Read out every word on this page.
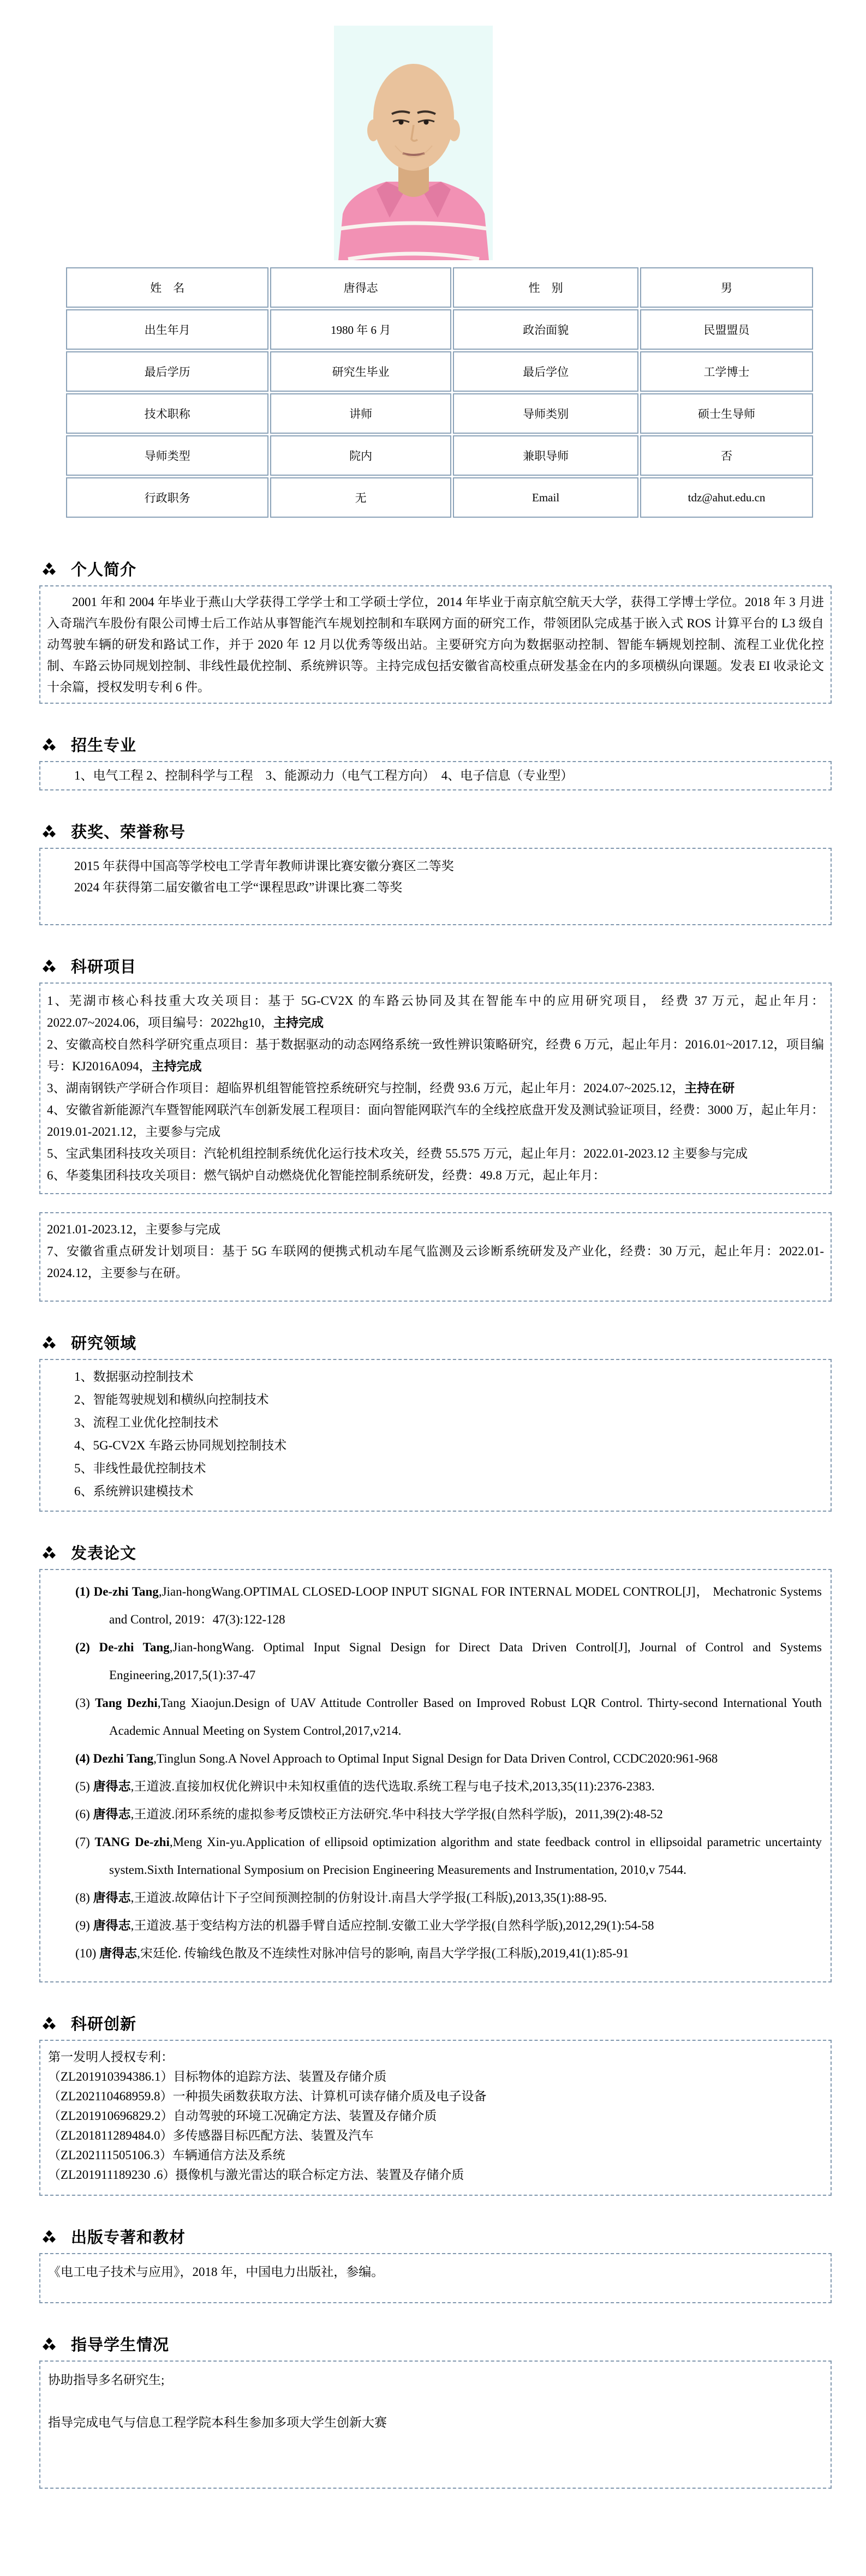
姓　名	唐得志	性　别	男
出生年月	1980 年 6 月	政治面貌	民盟盟员
最后学历	研究生毕业	最后学位	工学博士
技术职称	讲师	导师类别	硕士生导师
导师类型	院内	兼职导师	否
行政职务	无	Email	tdz@ahut.edu.cn
个人简介

2001 年和 2004 年毕业于燕山大学获得工学学士和工学硕士学位，2014 年毕业于南京航空航天大学，获得工学博士学位。2018 年 3 月进入奇瑞汽车股份有限公司博士后工作站从事智能汽车规划控制和车联网方面的研究工作，带领团队完成基于嵌入式 ROS 计算平台的 L3 级自动驾驶车辆的研发和路试工作，并于 2020 年 12 月以优秀等级出站。主要研究方向为数据驱动控制、智能车辆规划控制、流程工业优化控制、车路云协同规划控制、非线性最优控制、系统辨识等。主持完成包括安徽省高校重点研发基金在内的多项横纵向课题。发表 EI 收录论文十余篇，授权发明专利 6 件。

招生专业

1、电气工程 2、控制科学与工程　3、能源动力（电气工程方向）　4、电子信息（专业型）

获奖、荣誉称号

2015 年获得中国高等学校电工学青年教师讲课比赛安徽分赛区二等奖

2024 年获得第二届安徽省电工学“课程思政”讲课比赛二等奖

科研项目

1、芜湖市核心科技重大攻关项目：基于 5G-CV2X 的车路云协同及其在智能车中的应用研究项目， 经费 37 万元，起止年月：2022.07~2024.06，项目编号：2022hg10，主持完成

2、安徽高校自然科学研究重点项目：基于数据驱动的动态网络系统一致性辨识策略研究，经费 6 万元，起止年月：2016.01~2017.12，项目编号：KJ2016A094，主持完成

3、湖南钢铁产学研合作项目：超临界机组智能管控系统研究与控制，经费 93.6 万元，起止年月：2024.07~2025.12，主持在研

4、安徽省新能源汽车暨智能网联汽车创新发展工程项目：面向智能网联汽车的全线控底盘开发及测试验证项目，经费：3000 万，起止年月：2019.01-2021.12，主要参与完成

5、宝武集团科技攻关项目：汽轮机组控制系统优化运行技术攻关，经费 55.575 万元，起止年月：2022.01-2023.12 主要参与完成

6、华菱集团科技攻关项目：燃气锅炉自动燃烧优化智能控制系统研发，经费：49.8 万元，起止年月：

2021.01-2023.12，主要参与完成

7、安徽省重点研发计划项目：基于 5G 车联网的便携式机动车尾气监测及云诊断系统研发及产业化，经费：30 万元，起止年月：2022.01-2024.12，主要参与在研。

研究领域

1、数据驱动控制技术

2、智能驾驶规划和横纵向控制技术

3、流程工业优化控制技术

4、5G-CV2X 车路云协同规划控制技术

5、非线性最优控制技术

6、系统辨识建模技术

发表论文

(1) De-zhi Tang,Jian-hongWang.OPTIMAL CLOSED-LOOP INPUT SIGNAL FOR INTERNAL MODEL CONTROL[J]， Mechatronic Systems and Control, 2019：47(3):122-128

(2) De-zhi Tang,Jian-hongWang. Optimal Input Signal Design for Direct Data Driven Control[J], Journal of Control and Systems Engineering,2017,5(1):37-47

(3) Tang Dezhi,Tang Xiaojun.Design of UAV Attitude Controller Based on Improved Robust LQR Control. Thirty-second International Youth Academic Annual Meeting on System Control,2017,v214.

(4) Dezhi Tang,Tinglun Song.A Novel Approach to Optimal Input Signal Design for Data Driven Control, CCDC2020:961-968

(5) 唐得志,王道波.直接加权优化辨识中未知权重值的迭代选取.系统工程与电子技术,2013,35(11):2376-2383.

(6) 唐得志,王道波.闭环系统的虚拟参考反馈校正方法研究.华中科技大学学报(自然科学版)，2011,39(2):48-52

(7) TANG De-zhi,Meng Xin-yu.Application of ellipsoid optimization algorithm and state feedback control in ellipsoidal parametric uncertainty system.Sixth International Symposium on Precision Engineering Measurements and Instrumentation, 2010,v 7544.

(8) 唐得志,王道波.故障估计下子空间预测控制的仿射设计.南昌大学学报(工科版),2013,35(1):88-95.

(9) 唐得志,王道波.基于变结构方法的机器手臂自适应控制.安徽工业大学学报(自然科学版),2012,29(1):54-58

(10) 唐得志,宋廷伦. 传输线色散及不连续性对脉冲信号的影响, 南昌大学学报(工科版),2019,41(1):85-91

科研创新

第一发明人授权专利：

（ZL201910394386.1）目标物体的追踪方法、装置及存储介质

（ZL202110468959.8）一种损失函数获取方法、计算机可读存储介质及电子设备

（ZL201910696829.2）自动驾驶的环境工况确定方法、装置及存储介质

（ZL201811289484.0）多传感器目标匹配方法、装置及汽车

（ZL202111505106.3）车辆通信方法及系统

（ZL201911189230 .6）摄像机与激光雷达的联合标定方法、装置及存储介质

出版专著和教材

《电工电子技术与应用》，2018 年，中国电力出版社，参编。

指导学生情况

协助指导多名研究生;

指导完成电气与信息工程学院本科生参加多项大学生创新大赛
